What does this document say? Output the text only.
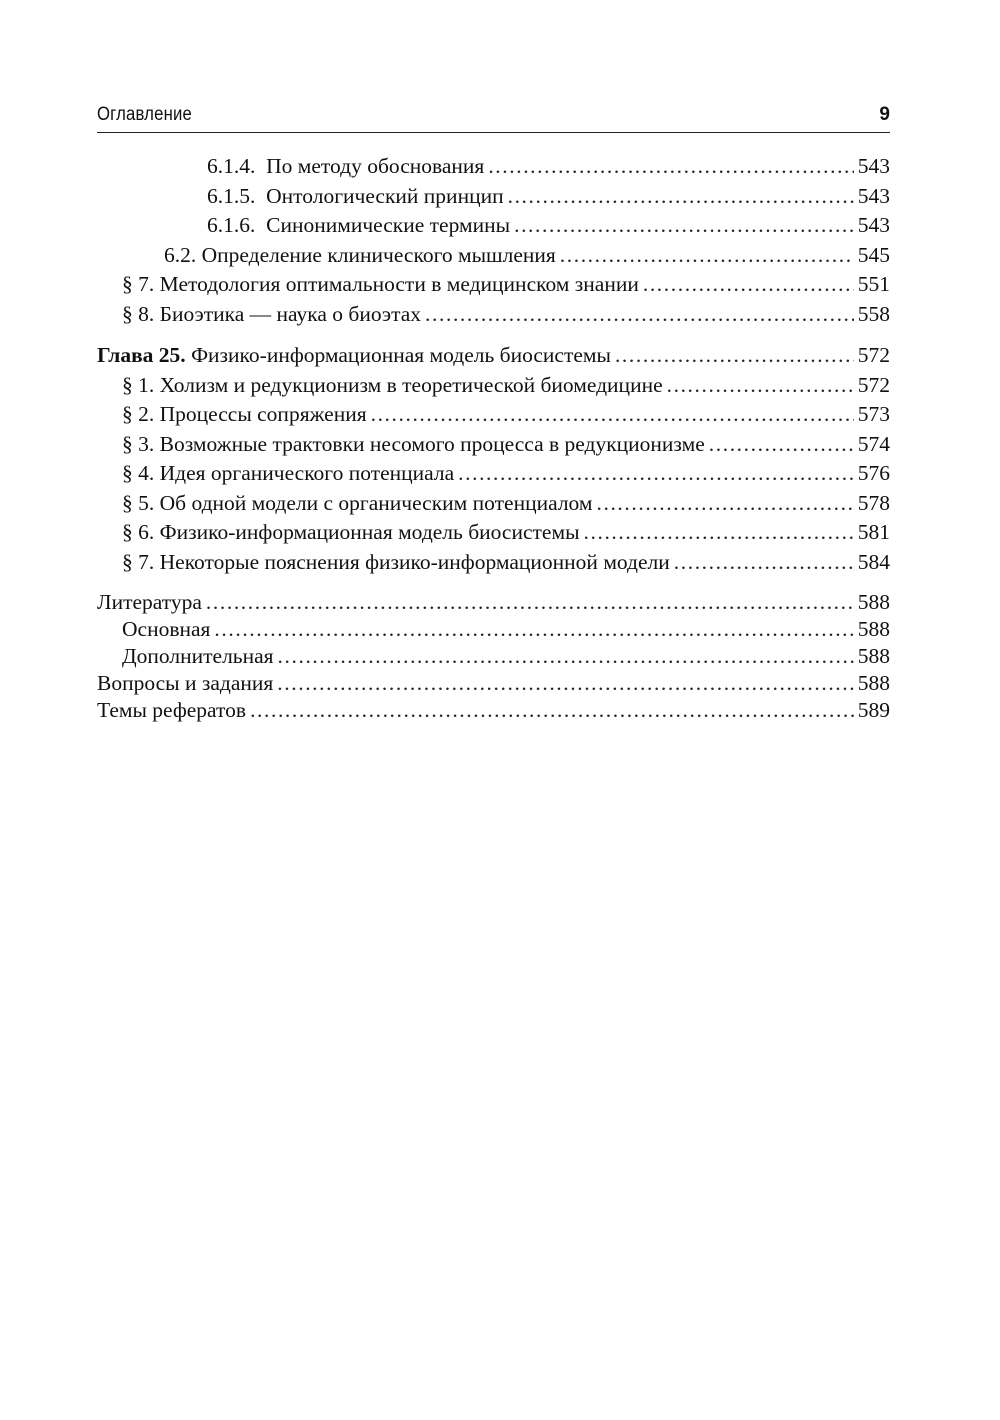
Оглавление	9
6.1.4. По методу обоснования .....	543
6.1.5. Онтологический принцип .....	543
6.1.6. Синонимические термины .....	543
6.2. Определение клинического мышления .....	545
§ 7. Методология оптимальности в медицинском знании .....	551
§ 8. Биоэтика — наука о биоэтах .....	558
Глава 25. Физико-информационная модель биосистемы .....	572
§ 1. Холизм и редукционизм в теоретической биомедицине .....	572
§ 2. Процессы сопряжения .....	573
§ 3. Возможные трактовки несомого процесса в редукционизме .....	574
§ 4. Идея органического потенциала .....	576
§ 5. Об одной модели с органическим потенциалом .....	578
§ 6. Физико-информационная модель биосистемы .....	581
§ 7. Некоторые пояснения физико-информационной модели .....	584
Литература .....	588
Основная .....	588
Дополнительная .....	588
Вопросы и задания .....	588
Темы рефератов .....	589
